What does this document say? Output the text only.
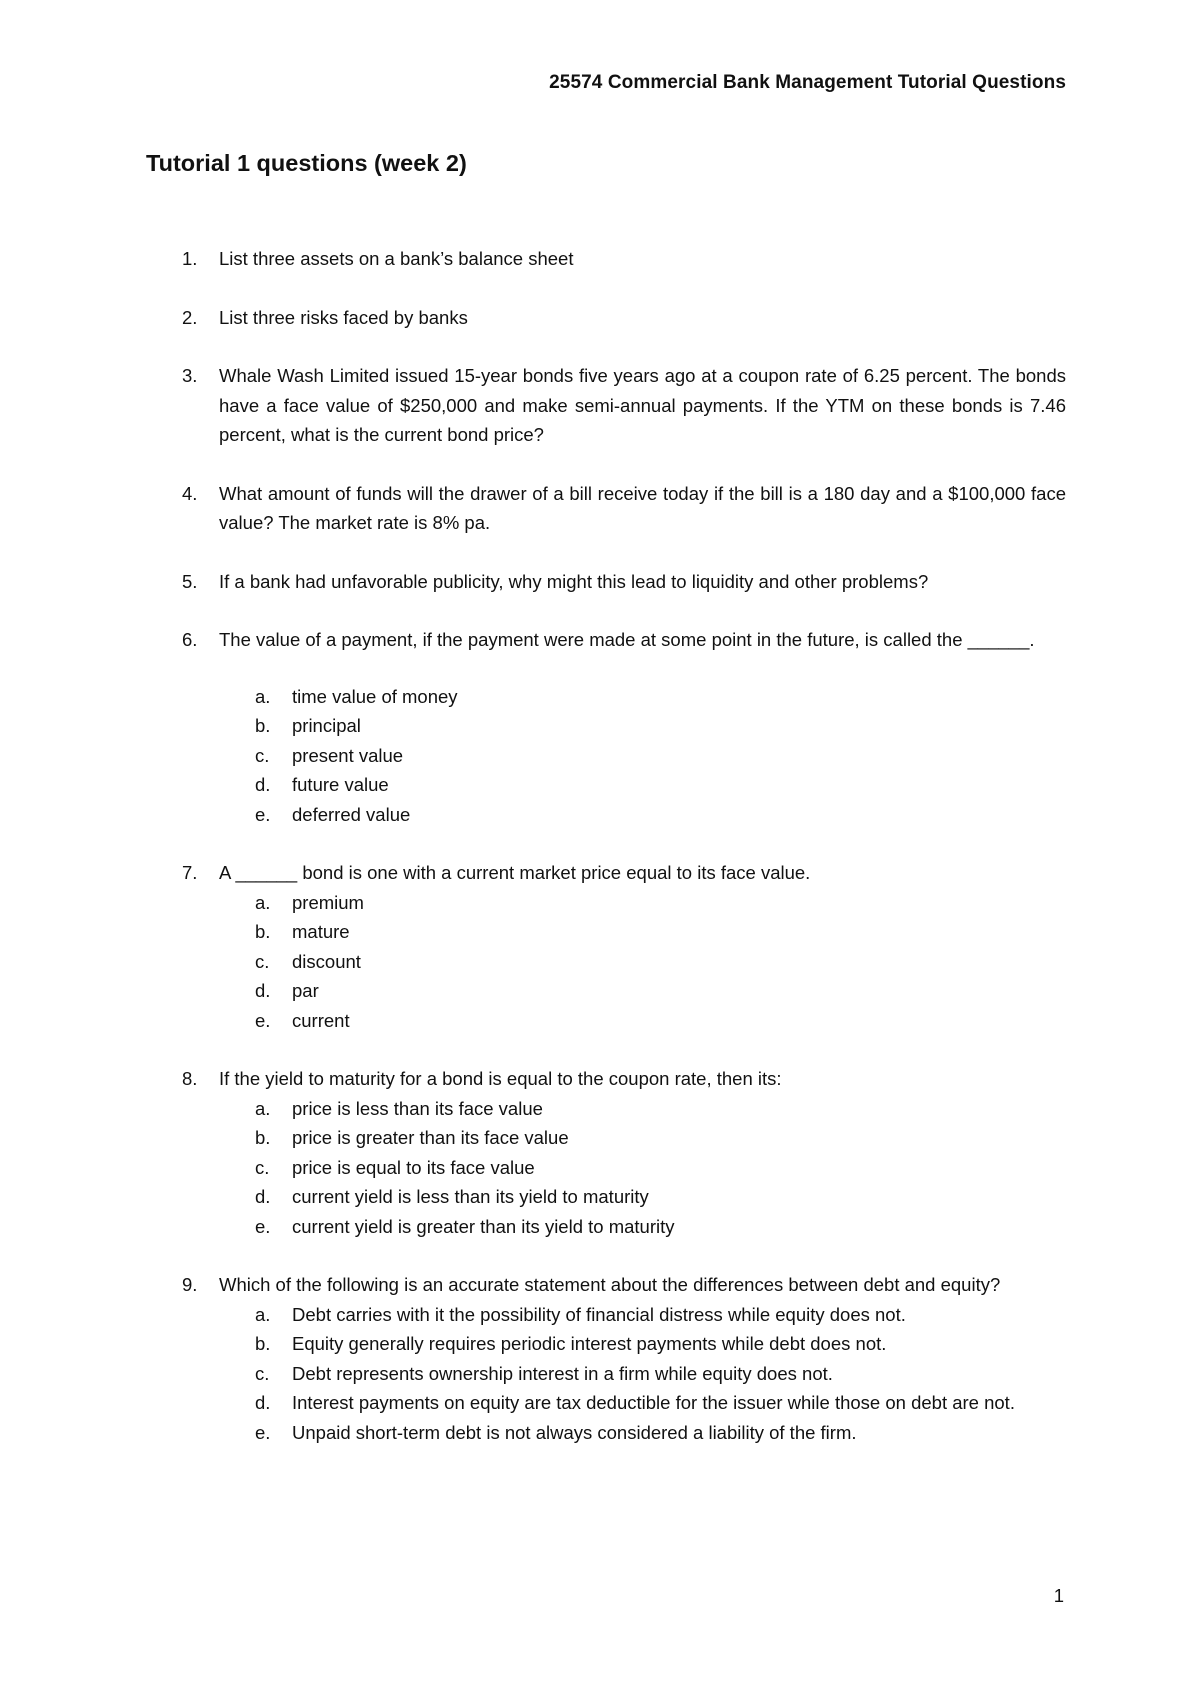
25574 Commercial Bank Management Tutorial Questions
Tutorial 1 questions (week 2)
1.	List three assets on a bank’s balance sheet
2.	List three risks faced by banks
3.	Whale Wash Limited issued 15-year bonds five years ago at a coupon rate of 6.25 percent. The bonds have a face value of $250,000 and make semi-annual payments. If the YTM on these bonds is 7.46 percent, what is the current bond price?
4.	What amount of funds will the drawer of a bill receive today if the bill is a 180 day and a $100,000 face value? The market rate is 8% pa.
5.	If a bank had unfavorable publicity, why might this lead to liquidity and other problems?
6.	The value of a payment, if the payment were made at some point in the future, is called the ______.
a. time value of money
b. principal
c. present value
d. future value
e. deferred value
7.	A ______ bond is one with a current market price equal to its face value.
a. premium
b. mature
c. discount
d. par
e. current
8.	If the yield to maturity for a bond is equal to the coupon rate, then its:
a. price is less than its face value
b. price is greater than its face value
c. price is equal to its face value
d. current yield is less than its yield to maturity
e. current yield is greater than its yield to maturity
9.	Which of the following is an accurate statement about the differences between debt and equity?
a. Debt carries with it the possibility of financial distress while equity does not.
b. Equity generally requires periodic interest payments while debt does not.
c. Debt represents ownership interest in a firm while equity does not.
d. Interest payments on equity are tax deductible for the issuer while those on debt are not.
e. Unpaid short-term debt is not always considered a liability of the firm.
1
